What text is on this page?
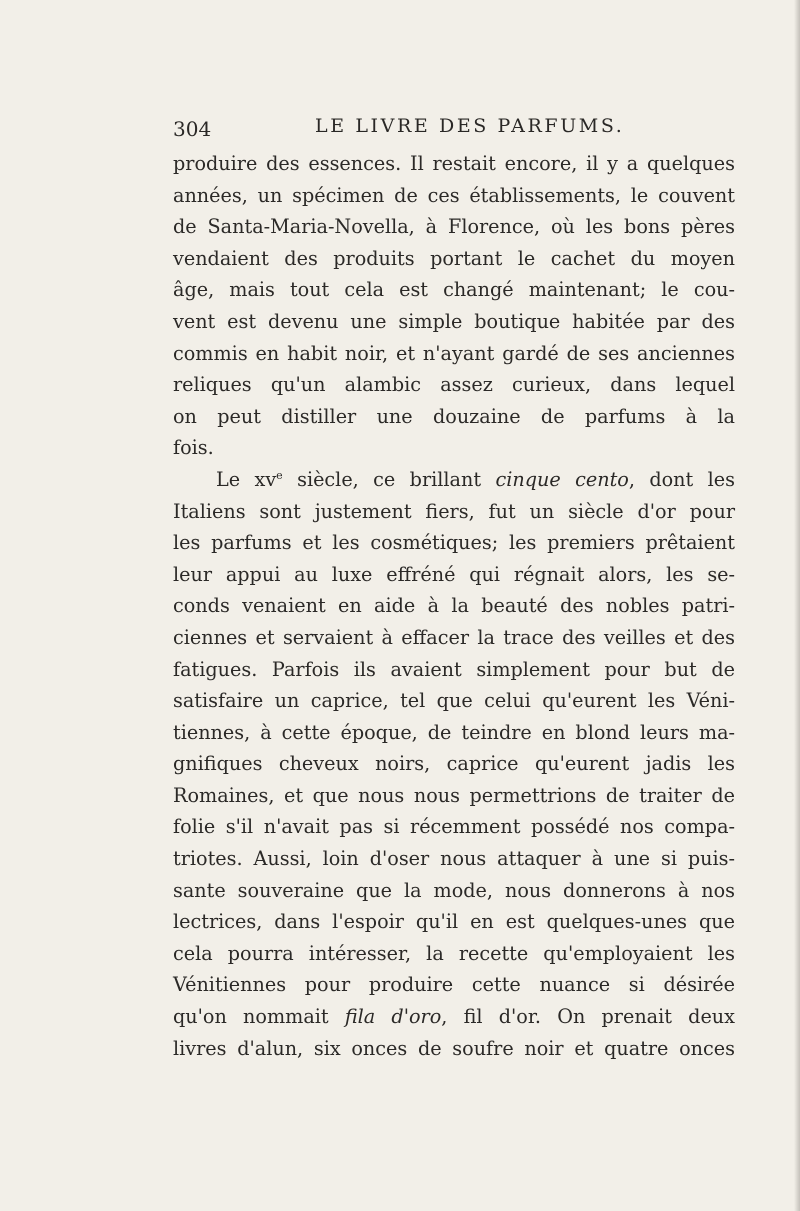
304	LE LIVRE DES PARFUMS.
produire des essences. Il restait encore, il y a quelques
années, un spécimen de ces établissements, le couvent
de Santa-Maria-Novella, à Florence, où les bons pères
vendaient des produits portant le cachet du moyen
âge, mais tout cela est changé maintenant; le cou-
vent est devenu une simple boutique habitée par des
commis en habit noir, et n'ayant gardé de ses anciennes
reliques qu'un alambic assez curieux, dans lequel
on peut distiller une douzaine de parfums à la
fois.
Le $xv^e$ siècle, ce brillant cinque cento, dont les
Italiens sont justement fiers, fut un siècle d'or pour
les parfums et les cosmétiques; les premiers prêtaient
leur appui au luxe effréné qui régnait alors, les se-
conds venaient en aide à la beauté des nobles patri-
ciennes et servaient à effacer la trace des veilles et des
fatigues. Parfois ils avaient simplement pour but de
satisfaire un caprice, tel que celui qu'eurent les Véni-
tiennes, à cette époque, de teindre en blond leurs ma-
gnifiques cheveux noirs, caprice qu'eurent jadis les
Romaines, et que nous nous permettrions de traiter de
folie s'il n'avait pas si récemment possédé nos compa-
triotes. Aussi, loin d'oser nous attaquer à une si puis-
sante souveraine que la mode, nous donnerons à nos
lectrices, dans l'espoir qu'il en est quelques-unes que
cela pourra intéresser, la recette qu'employaient les
Vénitiennes pour produire cette nuance si désirée
qu'on nommait fila d'oro, fil d'or. On prenait deux
livres d'alun, six onces de soufre noir et quatre onces
